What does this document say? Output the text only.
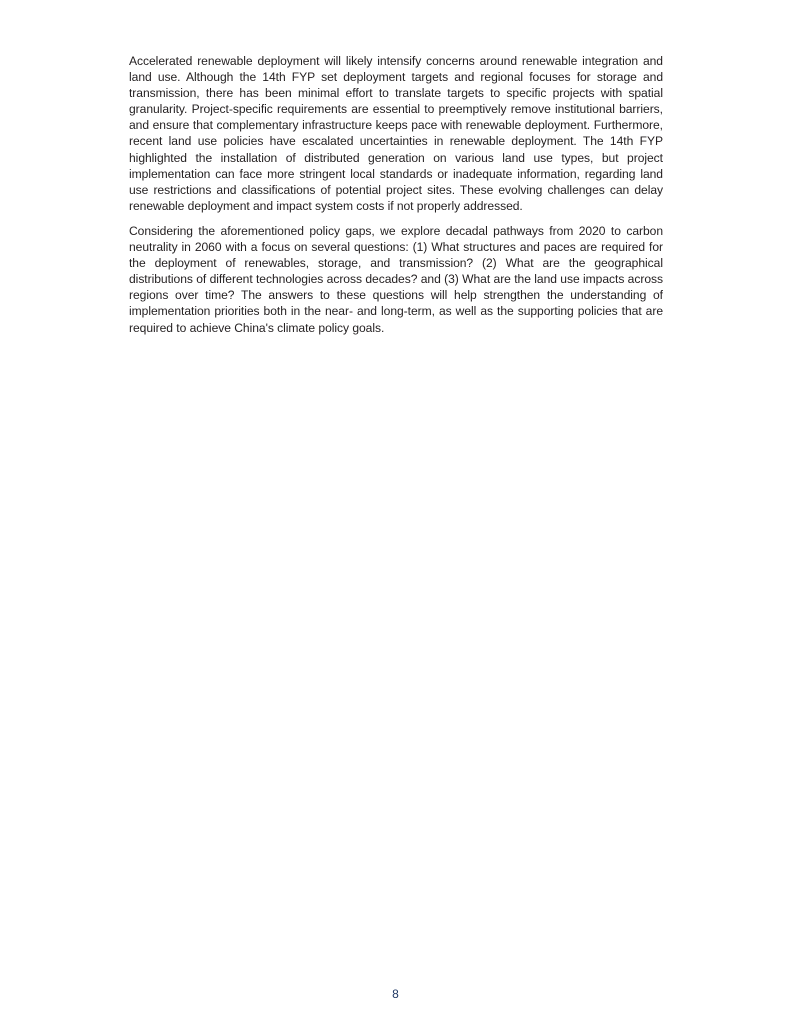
Accelerated renewable deployment will likely intensify concerns around renewable integration and land use. Although the 14th FYP set deployment targets and regional focuses for storage and transmission, there has been minimal effort to translate targets to specific projects with spatial granularity. Project-specific requirements are essential to preemptively remove institutional barriers, and ensure that complementary infrastructure keeps pace with renewable deployment. Furthermore, recent land use policies have escalated uncertainties in renewable deployment. The 14th FYP highlighted the installation of distributed generation on various land use types, but project implementation can face more stringent local standards or inadequate information, regarding land use restrictions and classifications of potential project sites. These evolving challenges can delay renewable deployment and impact system costs if not properly addressed.

Considering the aforementioned policy gaps, we explore decadal pathways from 2020 to carbon neutrality in 2060 with a focus on several questions: (1) What structures and paces are required for the deployment of renewables, storage, and transmission? (2) What are the geographical distributions of different technologies across decades? and (3) What are the land use impacts across regions over time? The answers to these questions will help strengthen the understanding of implementation priorities both in the near- and long-term, as well as the supporting policies that are required to achieve China's climate policy goals.

8
